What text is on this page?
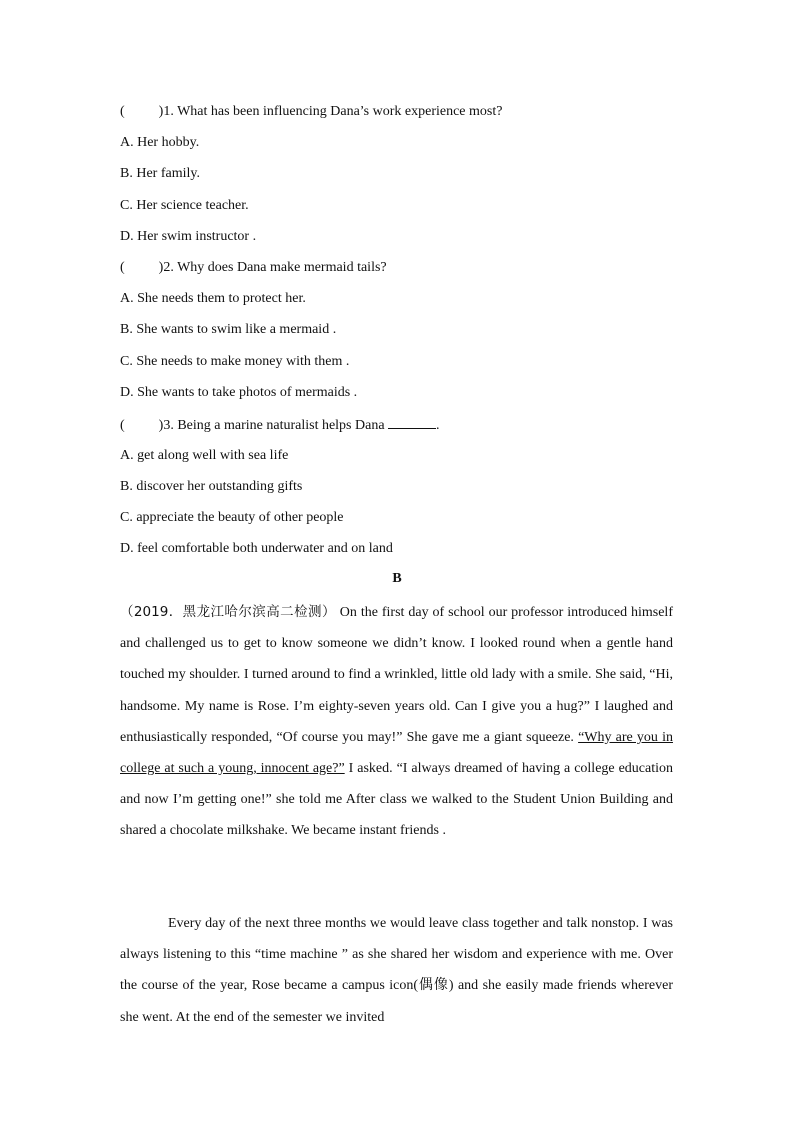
( )1. What has been influencing Dana’s work experience most?
A. Her hobby.
B. Her family.
C. Her science teacher.
D. Her swim instructor .
( )2. Why does Dana make mermaid tails?
A. She needs them to protect her.
B. She wants to swim like a mermaid .
C. She needs to make money with them .
D. She wants to take photos of mermaids .
( )3. Being a marine naturalist helps Dana	.
A. get along well with sea life
B. discover her outstanding gifts
C. appreciate the beauty of other people
D. feel comfortable both underwater and on land
B

（2019．黑龙江哈尔滨高二检测） On the first day of school our professor introduced himself and challenged us to get to know someone we didn’t know. I looked round when a gentle hand touched my shoulder. I turned around to find a wrinkled, little old lady with a smile. She said, “Hi, handsome. My name is Rose. I’m eighty-seven years old. Can I give you a hug?” I laughed and enthusiastically responded, “Of course you may!” She gave me a giant squeeze. “Why are you in college at such a young, innocent age?” I asked. “I always dreamed of having a college education and now I’m getting one!” she told me After class we walked to the Student Union Building and shared a chocolate milkshake. We became instant friends .

Every day of the next three months we would leave class together and talk nonstop. I was always listening to this “time machine ” as she shared her wisdom and experience with me. Over the course of the year, Rose became a campus icon(偶像) and she easily made friends wherever she went. At the end of the semester we invited
